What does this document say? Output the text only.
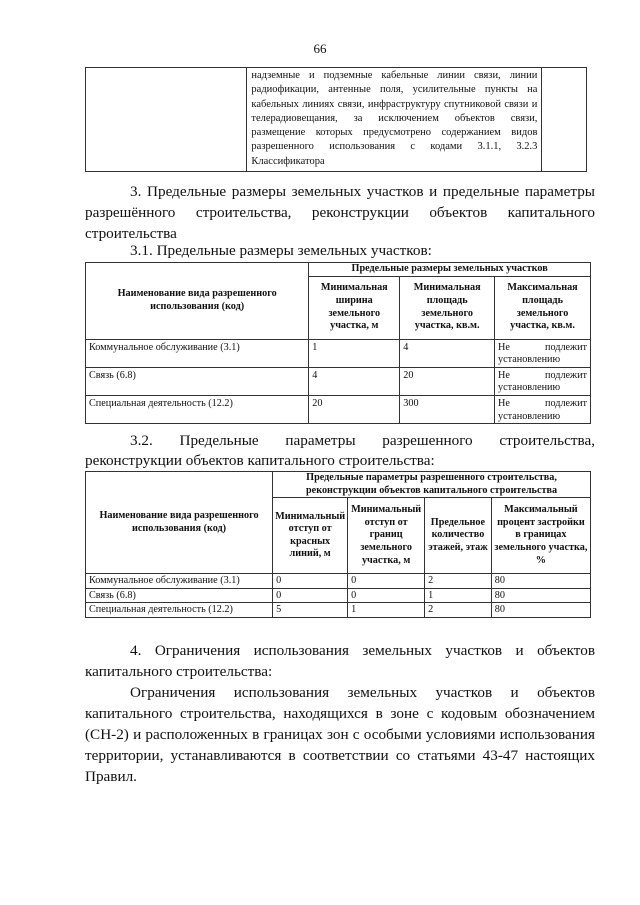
66
	надземные и подземные кабельные линии связи, линии радиофикации, антенные поля, усилительные пункты на кабельных линиях связи, инфраструктуру спутниковой связи и телерадиовещания, за исключением объектов связи, размещение которых предусмотрено содержанием видов разрешенного использования с кодами 3.1.1, 3.2.3 Классификатора	

3. Предельные размеры земельных участков и предельные параметры

разрешённого строительства, реконструкции объектов капитального

строительства

3.1. Предельные размеры земельных участков:

Наименование вида разрешенного использования (код)	Предельные размеры земельных участков		
	Минимальная ширина земельного участка, м	Минимальная площадь земельного участка, кв.м.	Максимальная площадь земельного участка, кв.м.
Коммунальное обслуживание (3.1)	1	4	Не подлежит установлению
Связь (6.8)	4	20	Не подлежит установлению
Специальная деятельность (12.2)	20	300	Не подлежит установлению

3.2. Предельные параметры разрешенного строительства,

реконструкции объектов капитального строительства:

Наименование вида разрешенного использования (код)	Предельные параметры разрешенного строительства, реконструкции объектов капитального строительства			
	Минимальный отступ от красных линий, м	Минимальный отступ от границ земельного участка, м	Предельное количество этажей, этаж	Максимальный процент застройки в границах земельного участка, %
Коммунальное обслуживание (3.1)	0	0	2	80
Связь (6.8)	0	0	1	80
Специальная деятельность (12.2)	5	1	2	80

4. Ограничения использования земельных участков и объектов

капитального строительства:

Ограничения использования земельных участков и объектов

капитального строительства, находящихся в зоне с кодовым обозначением

(СН-2) и расположенных в границах зон с особыми условиями использования

территории, устанавливаются в соответствии со статьями 43-47 настоящих

Правил.
